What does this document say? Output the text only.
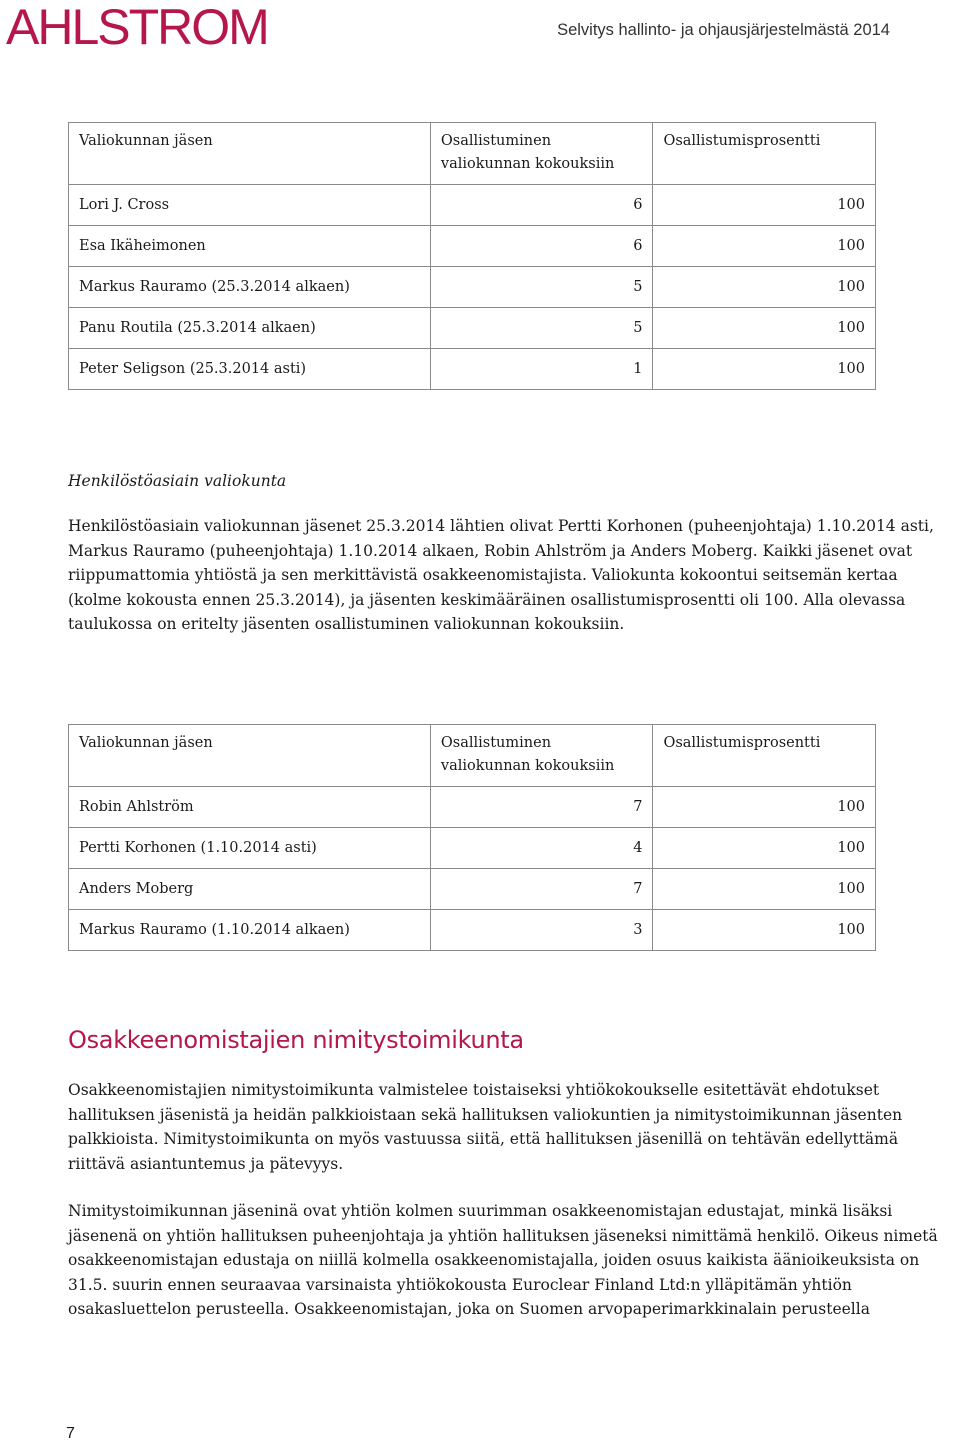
AHLSTROM	Selvitys hallinto- ja ohjausjärjestelmästä 2014
Valiokunnan jäsen	Osallistuminen valiokunnan kokouksiin	Osallistumisprosentti
Lori J. Cross	6	100
Esa Ikäheimonen	6	100
Markus Rauramo (25.3.2014 alkaen)	5	100
Panu Routila (25.3.2014 alkaen)	5	100
Peter Seligson (25.3.2014 asti)	1	100
Henkilöstöasiain valiokunta

Henkilöstöasiain valiokunnan jäsenet 25.3.2014 lähtien olivat Pertti Korhonen (puheenjohtaja) 1.10.2014 asti, Markus Rauramo (puheenjohtaja) 1.10.2014 alkaen, Robin Ahlström ja Anders Moberg. Kaikki jäsenet ovat riippumattomia yhtiöstä ja sen merkittävistä osakkeenomistajista. Valiokunta kokoontui seitsemän kertaa (kolme kokousta ennen 25.3.2014), ja jäsenten keskimääräinen osallistumisprosentti oli 100. Alla olevassa taulukossa on eritelty jäsenten osallistuminen valiokunnan kokouksiin.

Valiokunnan jäsen	Osallistuminen valiokunnan kokouksiin	Osallistumisprosentti
Robin Ahlström	7	100
Pertti Korhonen (1.10.2014 asti)	4	100
Anders Moberg	7	100
Markus Rauramo (1.10.2014 alkaen)	3	100
Osakkeenomistajien nimitystoimikunta

Osakkeenomistajien nimitystoimikunta valmistelee toistaiseksi yhtiökokoukselle esitettävät ehdotukset hallituksen jäsenistä ja heidän palkkioistaan sekä hallituksen valiokuntien ja nimitystoimikunnan jäsenten palkkioista. Nimitystoimikunta on myös vastuussa siitä, että hallituksen jäsenillä on tehtävän edellyttämä riittävä asiantuntemus ja pätevyys.

Nimitystoimikunnan jäseninä ovat yhtiön kolmen suurimman osakkeenomistajan edustajat, minkä lisäksi jäsenenä on yhtiön hallituksen puheenjohtaja ja yhtiön hallituksen jäseneksi nimittämä henkilö. Oikeus nimetä osakkeenomistajan edustaja on niillä kolmella osakkeenomistajalla, joiden osuus kaikista äänioikeuksista on 31.5. suurin ennen seuraavaa varsinaista yhtiökokousta Euroclear Finland Ltd:n ylläpitämän yhtiön osakasluettelon perusteella. Osakkeenomistajan, joka on Suomen arvopaperimarkkinalain perusteella

7
